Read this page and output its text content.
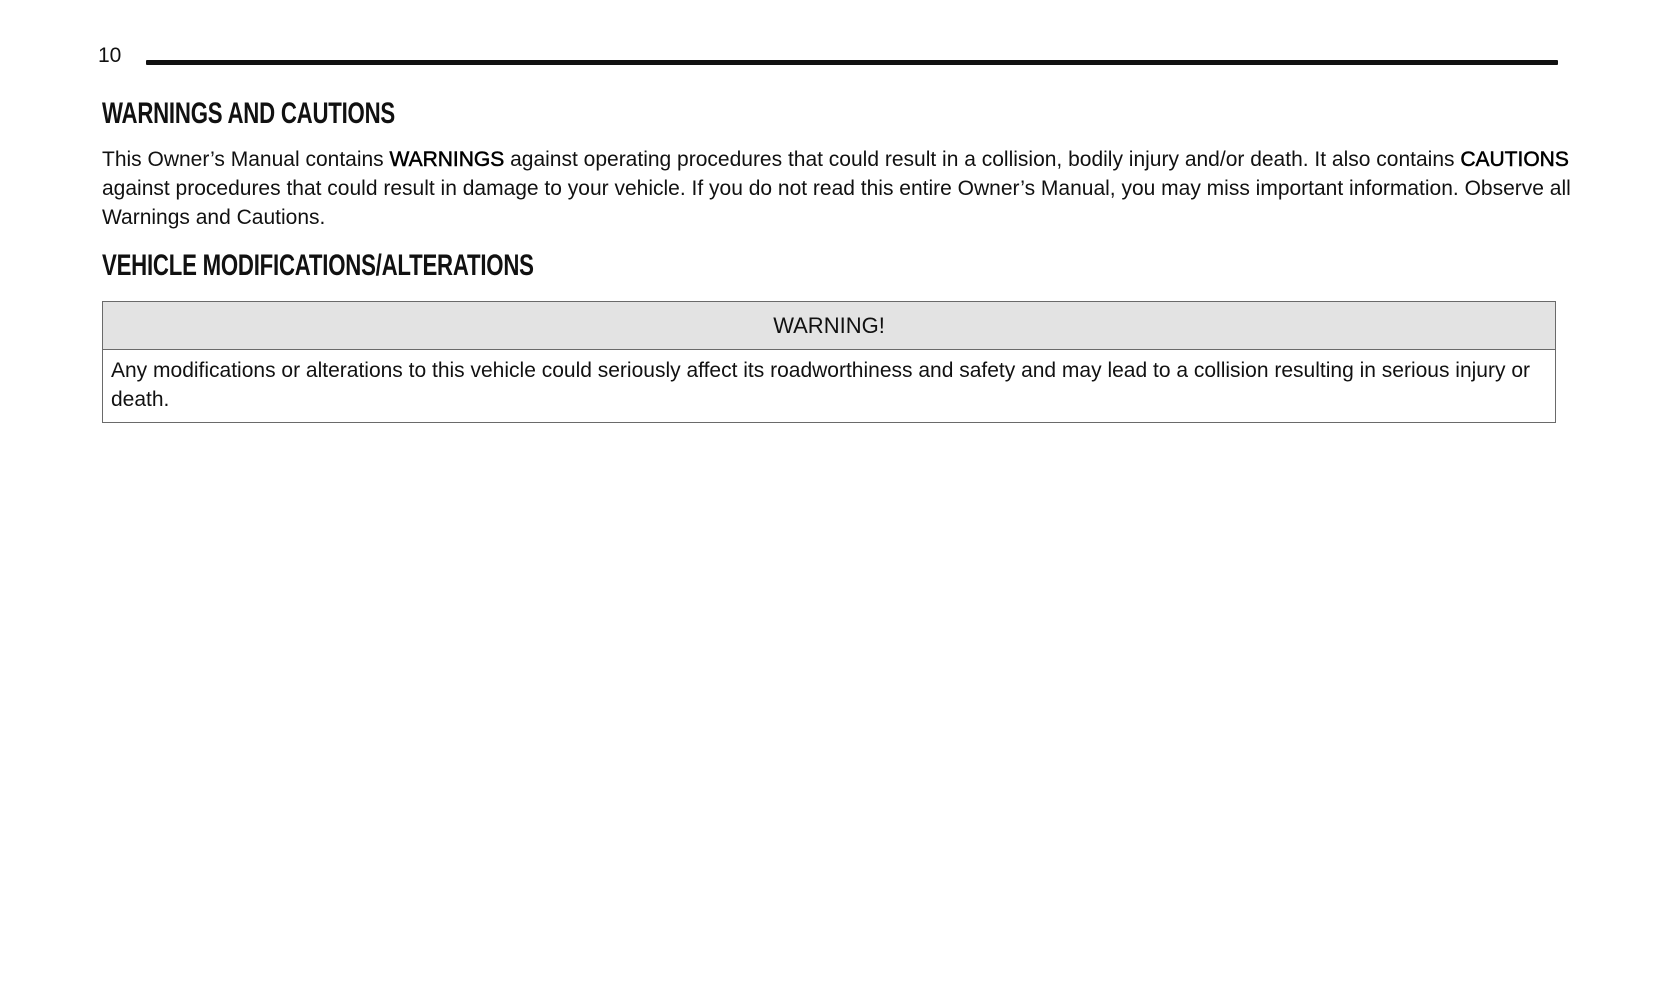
10
WARNINGS AND CAUTIONS

This Owner’s Manual contains WARNINGS against operating procedures that could result in a collision, bodily injury and/or death. It also contains CAUTIONS against procedures that could result in damage to your vehicle. If you do not read this entire Owner’s Manual, you may miss important information. Observe all Warnings and Cautions.

VEHICLE MODIFICATIONS/ALTERATIONS
WARNING!
Any modifications or alterations to this vehicle could seriously affect its roadworthiness and safety and may lead to a collision resulting in serious injury or death.
